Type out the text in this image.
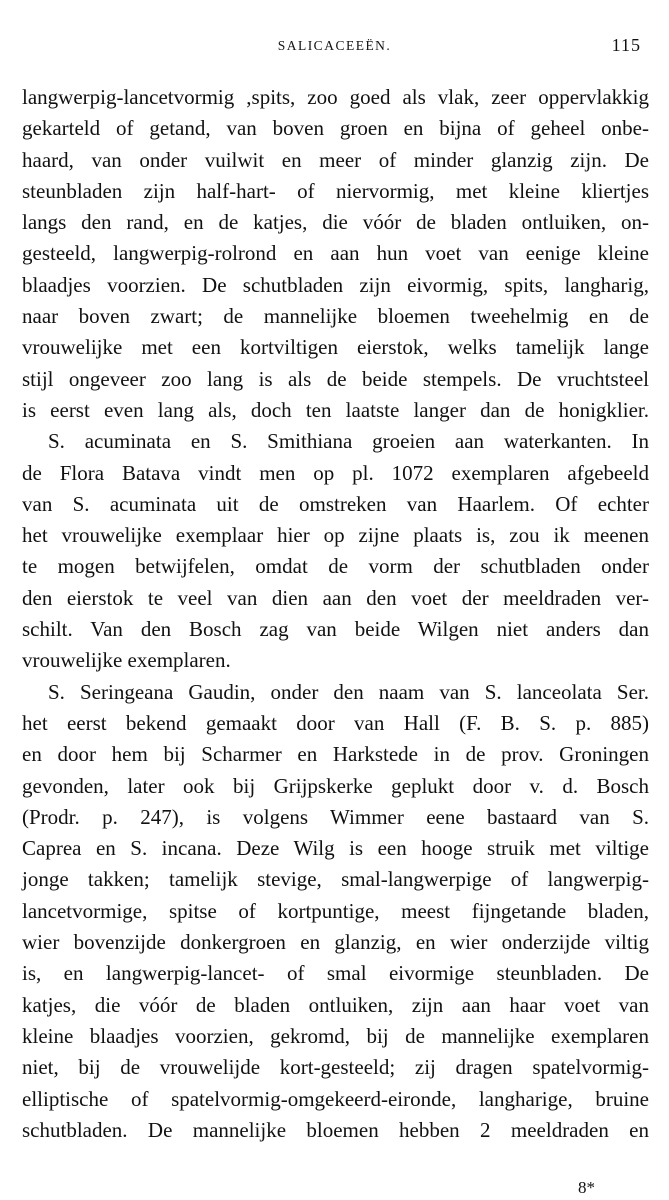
SALICACEEËN.	115
langwerpig-lancetvormig ,spits, zoo goed als vlak, zeer oppervlakkig
gekarteld of getand, van boven groen en bijna of geheel onbe-
haard, van onder vuilwit en meer of minder glanzig zijn. De
steunbladen zijn half-hart- of niervormig, met kleine kliertjes
langs den rand, en de katjes, die vóór de bladen ontluiken, on-
gesteeld, langwerpig-rolrond en aan hun voet van eenige kleine
blaadjes voorzien. De schutbladen zijn eivormig, spits, langharig,
naar boven zwart; de mannelijke bloemen tweehelmig en de
vrouwelijke met een kortviltigen eierstok, welks tamelijk lange
stijl ongeveer zoo lang is als de beide stempels. De vruchtsteel
is eerst even lang als, doch ten laatste langer dan de honigklier.
S. acuminata en S. Smithiana groeien aan waterkanten. In
de Flora Batava vindt men op pl. 1072 exemplaren afgebeeld
van S. acuminata uit de omstreken van Haarlem. Of echter
het vrouwelijke exemplaar hier op zijne plaats is, zou ik meenen
te mogen betwijfelen, omdat de vorm der schutbladen onder
den eierstok te veel van dien aan den voet der meeldraden ver-
schilt. Van den Bosch zag van beide Wilgen niet anders dan
vrouwelijke exemplaren.
S. Seringeana Gaudin, onder den naam van S. lanceolata Ser.
het eerst bekend gemaakt door van Hall (F. B. S. p. 885)
en door hem bij Scharmer en Harkstede in de prov. Groningen
gevonden, later ook bij Grijpskerke geplukt door v. d. Bosch
(Prodr. p. 247), is volgens Wimmer eene bastaard van S.
Caprea en S. incana. Deze Wilg is een hooge struik met viltige
jonge takken; tamelijk stevige, smal-langwerpige of langwerpig-
lancetvormige, spitse of kortpuntige, meest fijngetande bladen,
wier bovenzijde donkergroen en glanzig, en wier onderzijde viltig
is, en langwerpig-lancet- of smal eivormige steunbladen. De
katjes, die vóór de bladen ontluiken, zijn aan haar voet van
kleine blaadjes voorzien, gekromd, bij de mannelijke exemplaren
niet, bij de vrouwelijde kort-gesteeld; zij dragen spatelvormig-
elliptische of spatelvormig-omgekeerd-eironde, langharige, bruine
schutbladen. De mannelijke bloemen hebben 2 meeldraden en
8*
